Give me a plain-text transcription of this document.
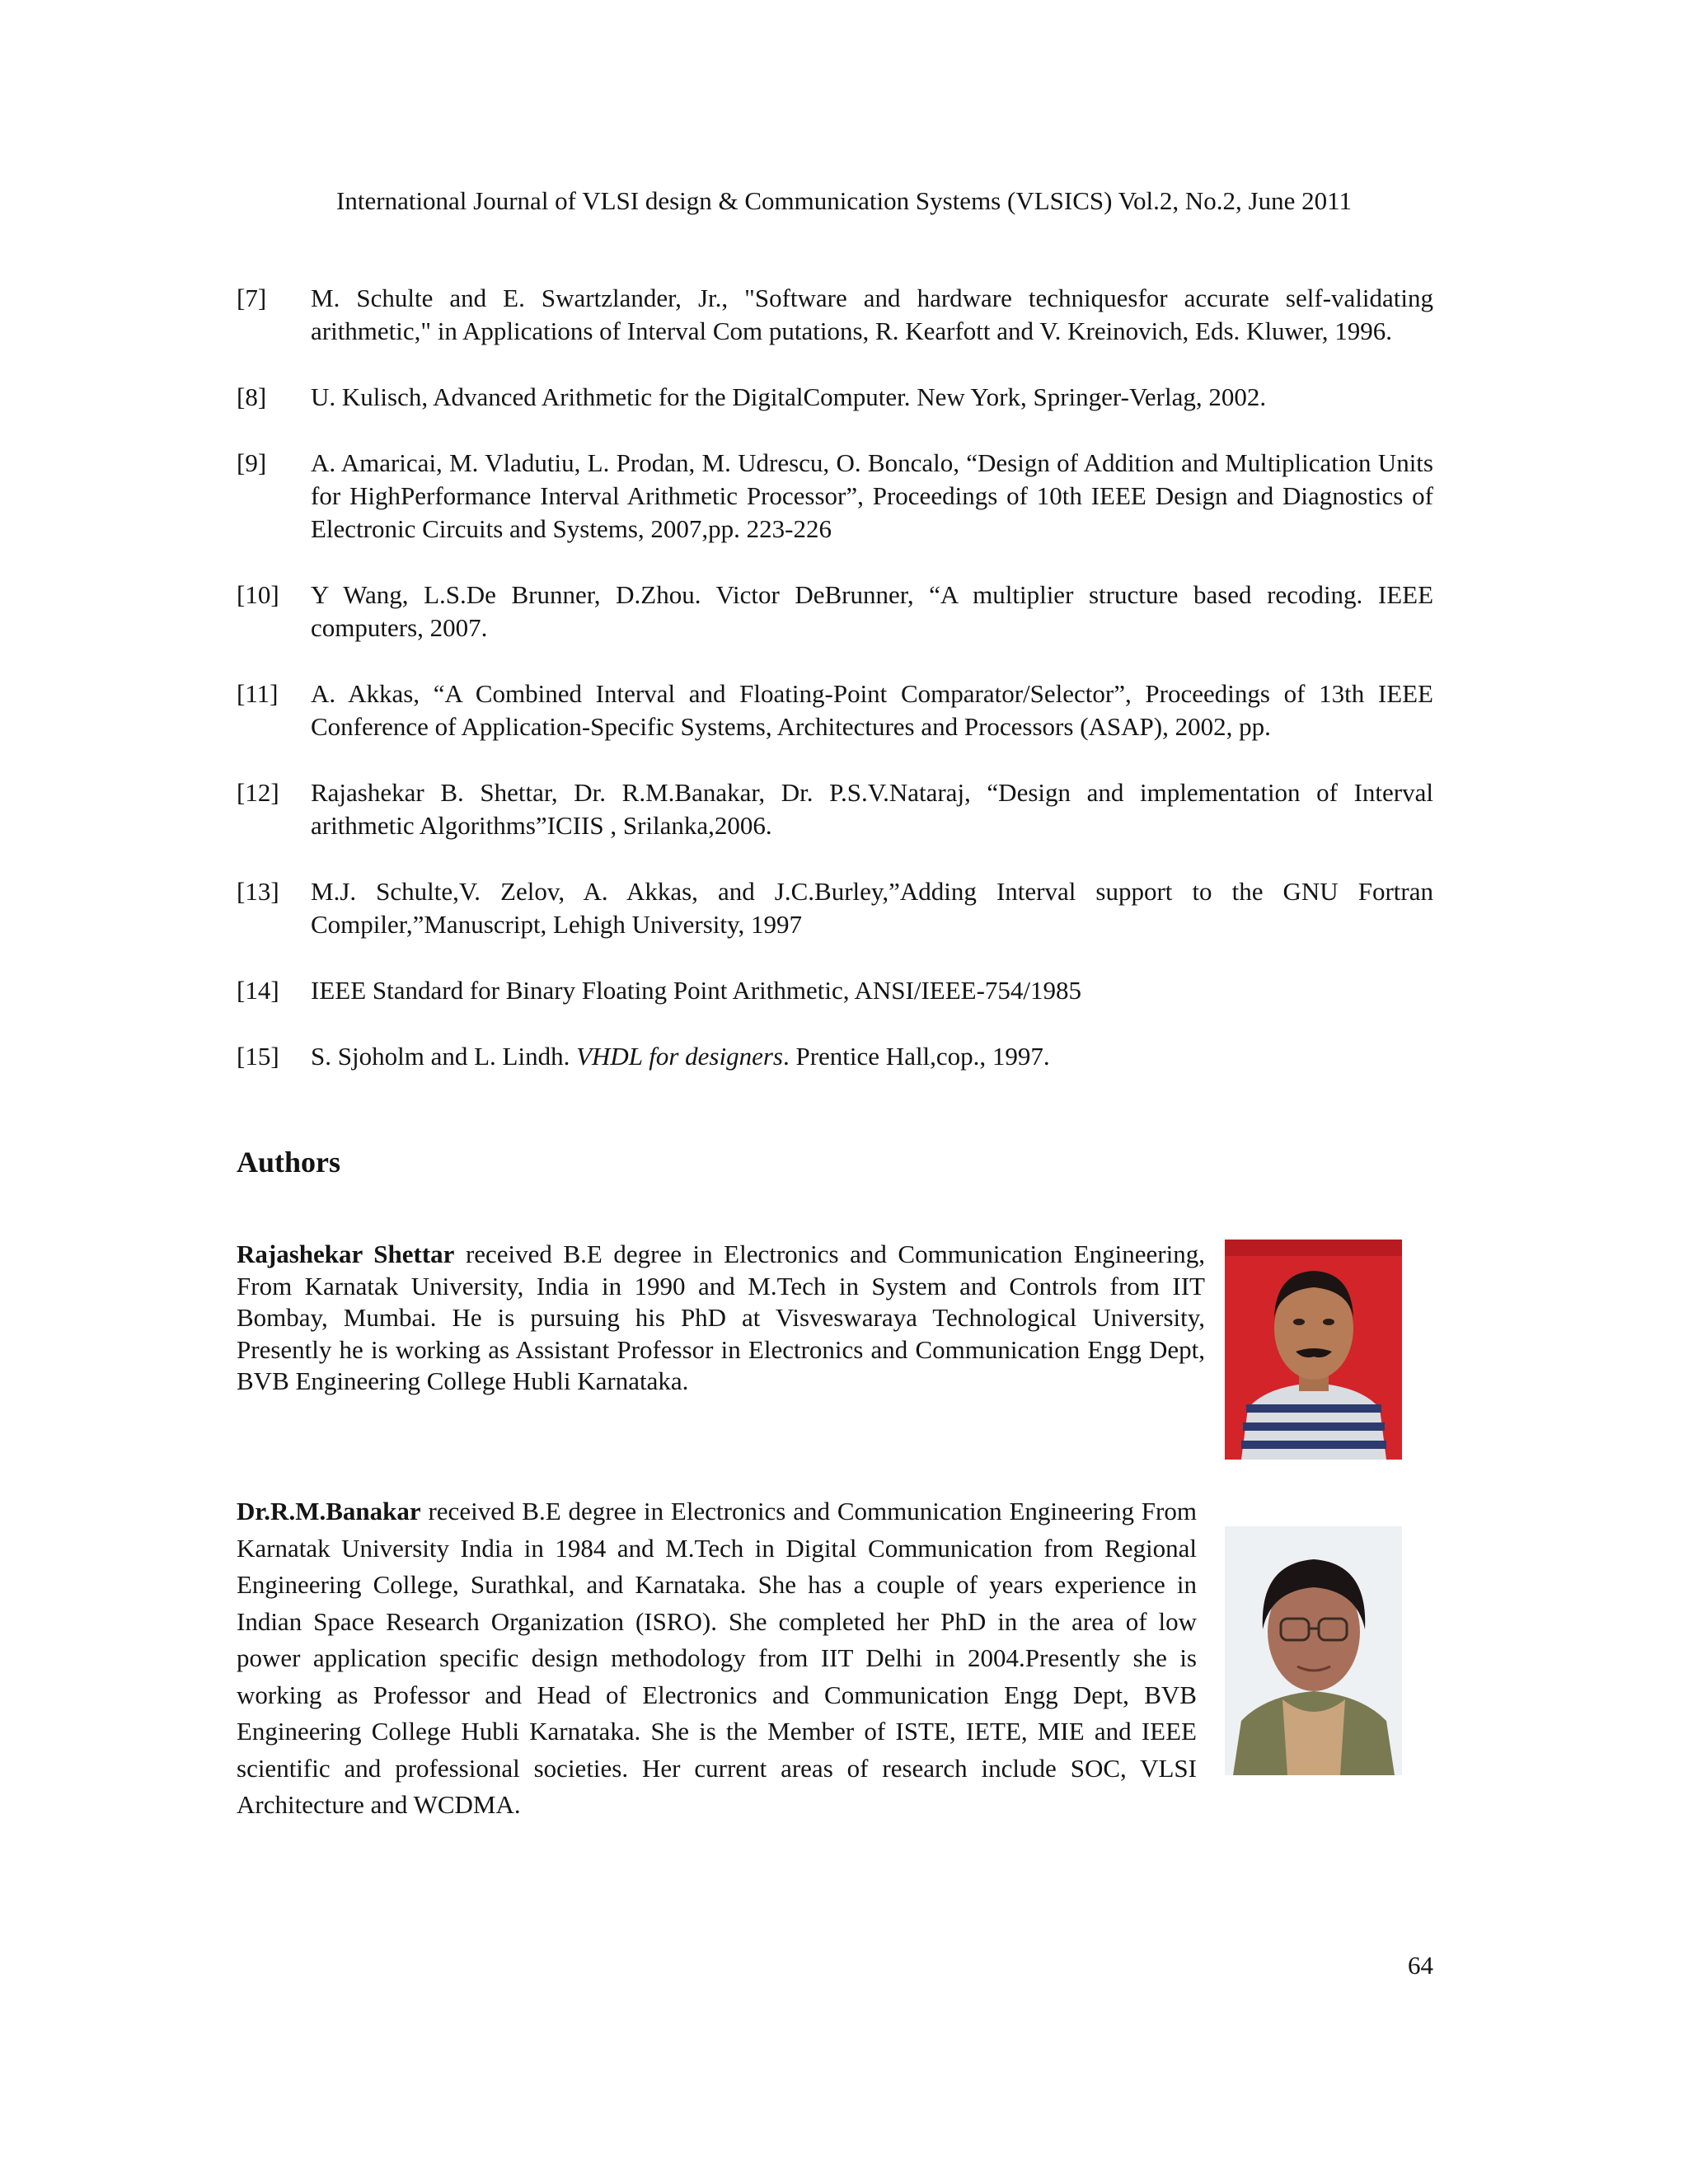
International Journal of VLSI design & Communication Systems (VLSICS) Vol.2, No.2, June 2011
[7] M. Schulte and E. Swartzlander, Jr., "Software and hardware techniquesfor accurate self-validating arithmetic," in Applications of Interval Com putations, R. Kearfott and V. Kreinovich, Eds. Kluwer, 1996.
[8] U. Kulisch, Advanced Arithmetic for the DigitalComputer. New York, Springer-Verlag, 2002.
[9] A. Amaricai, M. Vladutiu, L. Prodan, M. Udrescu, O. Boncalo, “Design of Addition and Multiplication Units for HighPerformance Interval Arithmetic Processor”, Proceedings of 10th IEEE Design and Diagnostics of Electronic Circuits and Systems, 2007,pp. 223-226
[10] Y Wang, L.S.De Brunner, D.Zhou. Victor DeBrunner, “A multiplier structure based recoding. IEEE computers, 2007.
[11] A. Akkas, “A Combined Interval and Floating-Point Comparator/Selector”, Proceedings of 13th IEEE Conference of Application-Specific Systems, Architectures and Processors (ASAP), 2002, pp.
[12] Rajashekar B. Shettar, Dr. R.M.Banakar, Dr. P.S.V.Nataraj, “Design and implementation of Interval arithmetic Algorithms”ICIIS , Srilanka,2006.
[13] M.J. Schulte,V. Zelov, A. Akkas, and J.C.Burley,”Adding Interval support to the GNU Fortran Compiler,”Manuscript, Lehigh University, 1997
[14] IEEE Standard for Binary Floating Point Arithmetic, ANSI/IEEE-754/1985
[15] S. Sjoholm and L. Lindh. VHDL for designers. Prentice Hall,cop., 1997.
Authors

Rajashekar Shettar received B.E degree in Electronics and Communication Engineering, From Karnatak University, India in 1990 and M.Tech in System and Controls from IIT Bombay, Mumbai. He is pursuing his PhD at Visveswaraya Technological University, Presently he is working as Assistant Professor in Electronics and Communication Engg Dept, BVB Engineering College Hubli Karnataka.

Dr.R.M.Banakar received B.E degree in Electronics and Communication Engineering From Karnatak University India in 1984 and M.Tech in Digital Communication from Regional Engineering College, Surathkal, and Karnataka. She has a couple of years experience in Indian Space Research Organization (ISRO). She completed her PhD in the area of low power application specific design methodology from IIT Delhi in 2004.Presently she is working as Professor and Head of Electronics and Communication Engg Dept, BVB Engineering College Hubli Karnataka. She is the Member of ISTE, IETE, MIE and IEEE scientific and professional societies. Her current areas of research include SOC, VLSI Architecture and WCDMA.

64
